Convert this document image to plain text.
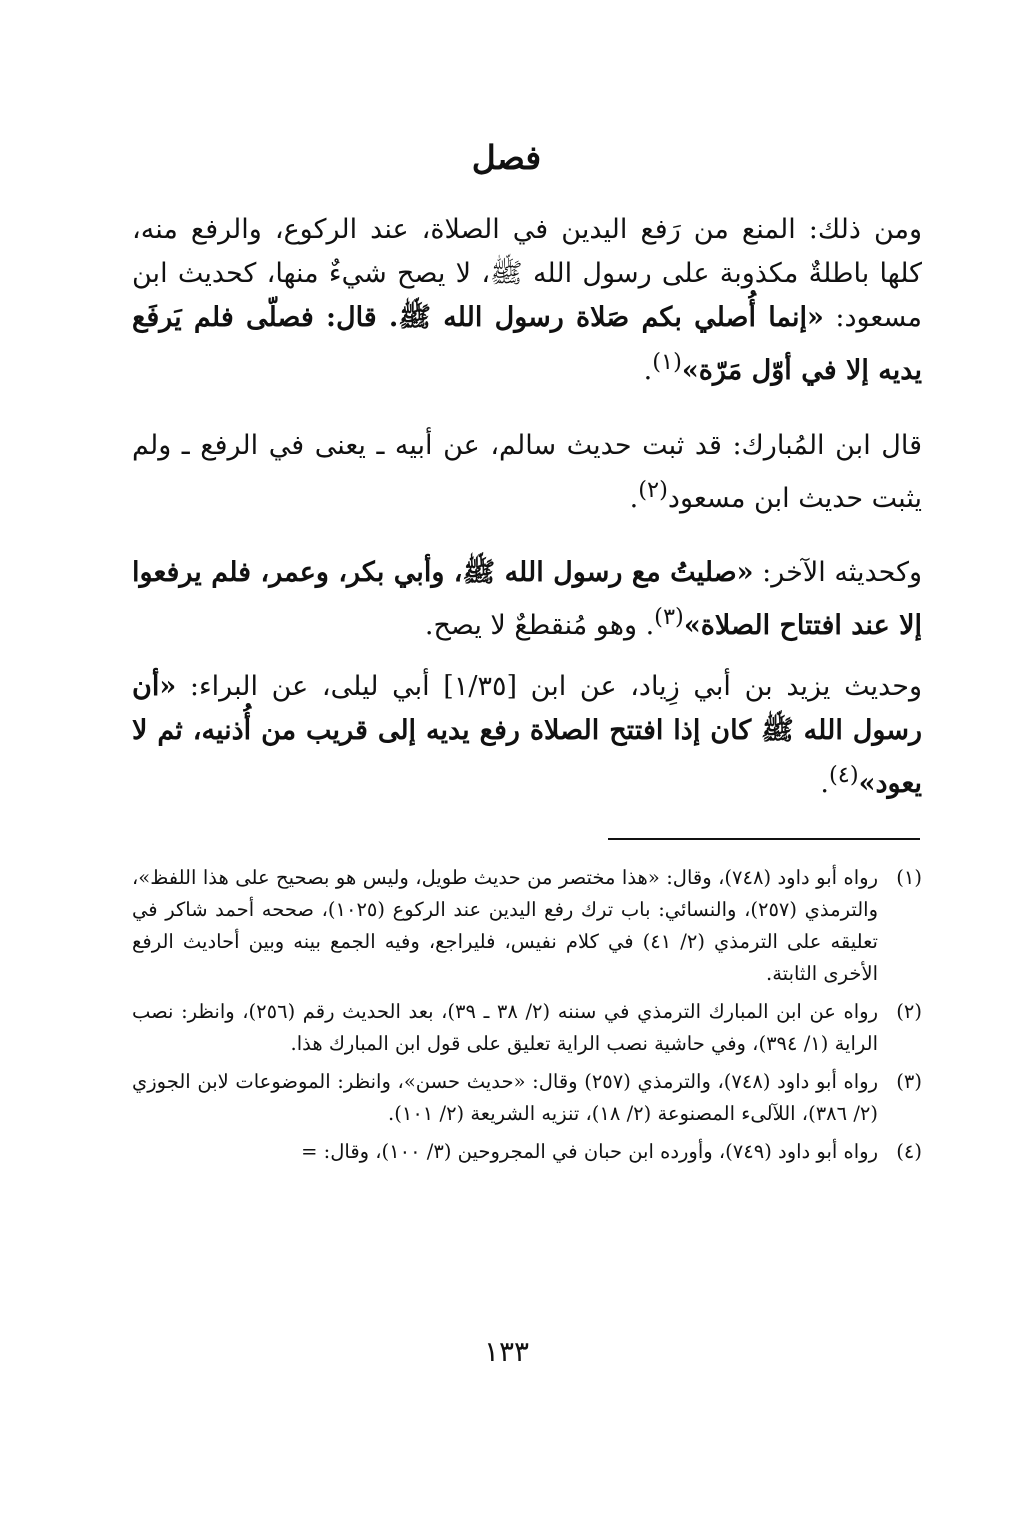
فصل
ومن ذلك: المنع من رَفع اليدين في الصلاة، عند الركوع، والرفع منه، كلها باطلةٌ مكذوبة على رسول الله ﷺ، لا يصح شيءٌ منها، كحديث ابن مسعود: «إنما أُصلي بكم صَلاة رسول الله ﷺ. قال: فصلّى فلم يَرفَع يديه إلا في أوّل مَرّة»$^{(١)}$.
قال ابن المُبارك: قد ثبت حديث سالم، عن أبيه ـ يعنى في الرفع ـ ولم يثبت حديث ابن مسعود$^{(٢)}$.
وكحديثه الآخر: «صليتُ مع رسول الله ﷺ، وأبي بكر، وعمر، فلم يرفعوا إلا عند افتتاح الصلاة»$^{(٣)}$. وهو مُنقطعٌ لا يصح.
وحديث يزيد بن أبي زِياد، عن ابن [١/٣٥] أبي ليلى، عن البراء: «أن رسول الله ﷺ كان إذا افتتح الصلاة رفع يديه إلى قريب من أُذنيه، ثم لا يعود»$^{(٤)}$.
(١)
رواه أبو داود (٧٤٨)، وقال: «هذا مختصر من حديث طويل، وليس هو بصحيح على هذا اللفظ»، والترمذي (٢٥٧)، والنسائي: باب ترك رفع اليدين عند الركوع (١٠٢٥)، صححه أحمد شاكر في تعليقه على الترمذي (٢/ ٤١) في كلام نفيس، فليراجع، وفيه الجمع بينه وبين أحاديث الرفع الأخرى الثابتة.
(٢)
رواه عن ابن المبارك الترمذي في سننه (٢/ ٣٨ ـ ٣٩)، بعد الحديث رقم (٢٥٦)، وانظر: نصب الراية (١/ ٣٩٤)، وفي حاشية نصب الراية تعليق على قول ابن المبارك هذا.
(٣)
رواه أبو داود (٧٤٨)، والترمذي (٢٥٧) وقال: «حديث حسن»، وانظر: الموضوعات لابن الجوزي (٢/ ٣٨٦)، اللآلىء المصنوعة (٢/ ١٨)، تنزيه الشريعة (٢/ ١٠١).
(٤)
رواه أبو داود (٧٤٩)، وأورده ابن حبان في المجروحين (٣/ ١٠٠)، وقال: =
١٣٣
